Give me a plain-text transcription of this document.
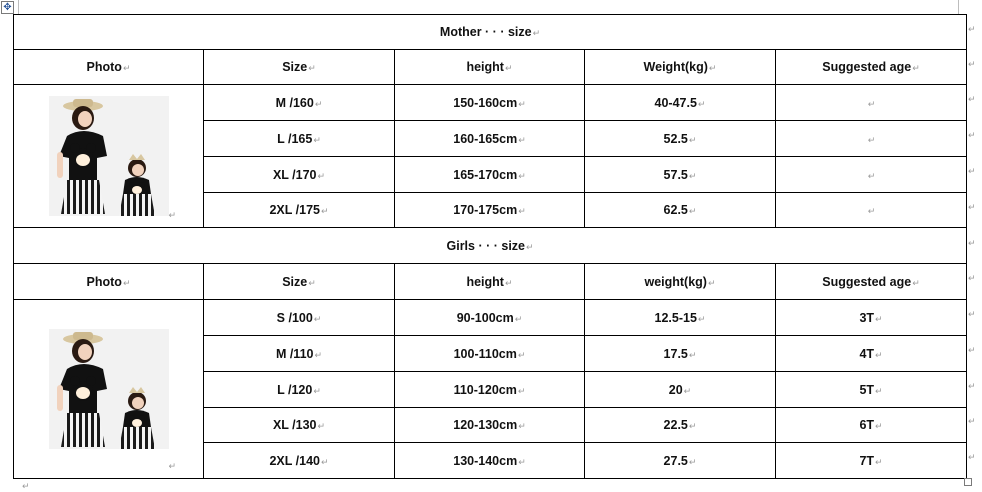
✥
Mother · · · size↵				
Photo↵	Size↵	height↵	Weight(kg)↵	Suggested age↵

↵	M /160↵	150-160cm↵	40-47.5↵	↵
	L /165↵	160-165cm↵	52.5↵	↵
	XL /170↵	165-170cm↵	57.5↵	↵
	2XL /175↵	170-175cm↵	62.5↵	↵
Girls · · · size↵				
Photo↵	Size↵	height↵	weight(kg)↵	Suggested age↵

↵	S /100↵	90-100cm↵	12.5-15↵	3T↵
	M /110↵	100-110cm↵	17.5↵	4T↵
	L /120↵	110-120cm↵	20↵	5T↵
	XL /130↵	120-130cm↵	22.5↵	6T↵
	2XL /140↵	130-140cm↵	27.5↵	7T↵
↵
↵
↵
↵
↵
↵
↵
↵
↵
↵
↵
↵
↵
↵
